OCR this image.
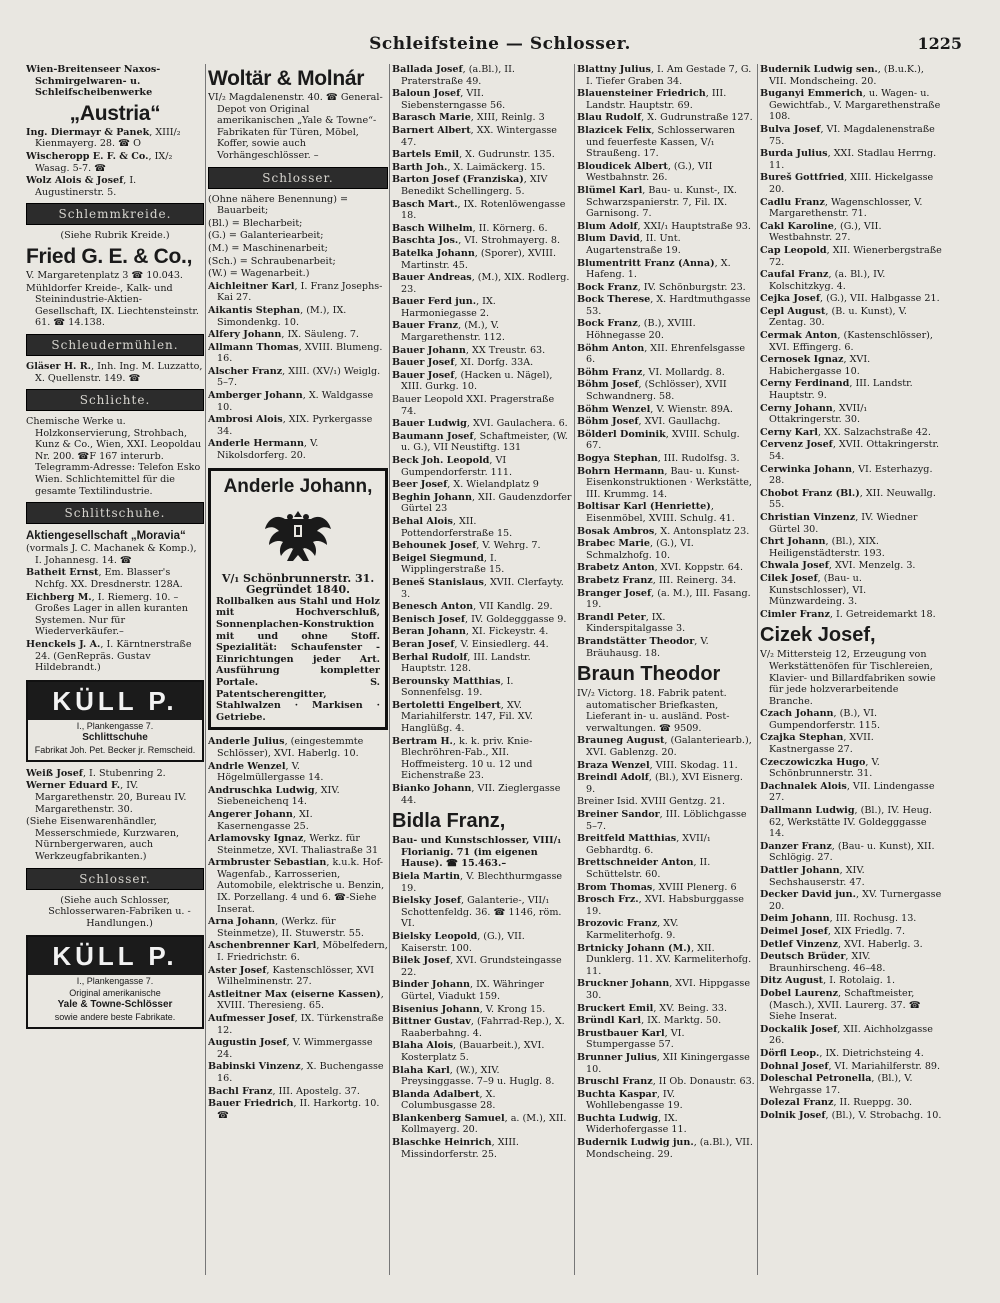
Schleifsteine — Schlosser.	1225
Wien-Breitenseer Naxos-Schmirgelwaren- u. Schleifscheibenwerke
„Austria“
Ing. Diermayr & Panek, XIII/₂ Kienmayerg. 28. ☎ O
Wischeropp E. F. & Co., IX/₂ Wasag. 5-7. ☎
Wolz Alois & Josef, I. Augustinerstr. 5.
Schlemmkreide.
(Siehe Rubrik Kreide.)
Fried G. E. & Co.,
V. Margaretenplatz 3 ☎ 10.043.
Mühldorfer Kreide-, Kalk- und Steinindustrie-Aktien-Gesellschaft, IX. Liechtensteinstr. 61. ☎ 14.138.
Schleudermühlen.
Gläser H. R., Inh. Ing. M. Luzzatto, X. Quellenstr. 149. ☎
Schlichte.
Chemische Werke u. Holzkonservierung, Strohbach, Kunz & Co., Wien, XXI. Leopoldau Nr. 200. ☎F 167 interurb. Telegramm-Adresse: Telefon Esko Wien. Schlichtemittel für die gesamte Textilindustrie.
Schlittschuhe.
Aktiengesellschaft „Moravia“
(vormals J. C. Machanek & Komp.), I. Johannesg. 14. ☎
Batheit Ernst, Em. Blasser's Nchfg. XX. Dresdnerstr. 128A.
Eichberg M., I. Riemerg. 10. –Großes Lager in allen kuranten Systemen. Nur für Wiederverkäufer.–
Henckels J. A., I. Kärntnerstraße 24. (GenRepräs. Gustav Hildebrandt.)
KÜLL P.
I., Plankengasse 7.
Schlittschuhe
Fabrikat Joh. Pet. Becker jr. Remscheid.
Weiß Josef, I. Stubenring 2.
Werner Eduard F., IV. Margarethenstr. 20, Bureau IV. Margarethenstr. 30.
(Siehe Eisenwarenhändler, Messerschmiede, Kurzwaren, Nürnbergerwaren, auch Werkzeugfabrikanten.)
Schlosser.
(Siehe auch Schlosser, Schlosserwaren-Fabriken u. -Handlungen.)
KÜLL P.
I., Plankengasse 7.
Original amerikanische
Yale & Towne-Schlösser
sowie andere beste Fabrikate.
Woltär & Molnár
VI/₂ Magdalenenstr. 40. ☎ General-Depot von Original amerikanischen „Yale & Towne“-Fabrikaten für Türen, Möbel, Koffer, sowie auch Vorhängeschlösser. –
Schlosser.
(Ohne nähere Benennung) = Bauarbeit;
(Bl.) = Blecharbeit;
(G.) = Galanteriearbeit;
(M.) = Maschinenarbeit;
(Sch.) = Schraubenarbeit;
(W.) = Wagenarbeit.)
Aichleitner Karl, I. Franz Josephs-Kai 27.
Aikantis Stephan, (M.), IX. Simondenkg. 10.
Alfery Johann, IX. Säuleng. 7.
Allmann Thomas, XVIII. Blumeng. 16.
Alscher Franz, XIII. (XV/₁) Weiglg. 5–7.
Amberger Johann, X. Waldgasse 10.
Ambrosi Alois, XIX. Pyrkergasse 34.
Anderle Hermann, V. Nikolsdorferg. 20.
Anderle Johann,
V/₁ Schönbrunnerstr. 31.
Gegründet 1840.
Rollbalken aus Stahl und Holz mit Hochverschluß, Sonnenplachen-Konstruktion mit und ohne Stoff. Spezialität: Schaufenster - Einrichtungen jeder Art. Ausführung kompletter Portale. S. Patentscherengitter, Stahlwalzen · Markisen · Getriebe.
Anderle Julius, (eingestemmte Schlösser), XVI. Haberlg. 10.
Andrle Wenzel, V. Högelmüllergasse 14.
Andruschka Ludwig, XIV. Siebeneichenq 14.
Angerer Johann, XI. Kasernengasse 25.
Arlamovsky Ignaz, Werkz. für Steinmetze, XVI. Thaliastraße 31
Armbruster Sebastian, k.u.k. Hof-Wagenfab., Karrosserien, Automobile, elektrische u. Benzin, IX. Porzellang. 4 und 6. ☎-Siehe Inserat.
Arna Johann, (Werkz. für Steinmetze), II. Stuwerstr. 55.
Aschenbrenner Karl, Möbelfedern, I. Friedrichstr. 6.
Aster Josef, Kastenschlösser, XVI Wilhelminenstr. 27.
Astleitner Max (eiserne Kassen), XVIII. Theresieng. 65.
Aufmesser Josef, IX. Türkenstraße 12.
Augustin Josef, V. Wimmergasse 24.
Babinski Vinzenz, X. Buchengasse 16.
Bachl Franz, III. Apostelg. 37.
Bauer Friedrich, II. Harkortg. 10. ☎
Ballada Josef, (a.Bl.), II. Praterstraße 49.
Baloun Josef, VII. Siebensterngasse 56.
Barasch Marie, XIII, Reinlg. 3
Barnert Albert, XX. Wintergasse 47.
Bartels Emil, X. Gudrunstr. 135.
Barth Joh., X. Laimäckerg. 15.
Barton Josef (Franziska), XIV Benedikt Schellingerg. 5.
Basch Mart., IX. Rotenlöwengasse 18.
Basch Wilhelm, II. Körnerg. 6.
Baschta Jos., VI. Strohmayerg. 8.
Batelka Johann, (Sporer), XVIII. Martinstr. 45.
Bauer Andreas, (M.), XIX. Rodlerg. 23.
Bauer Ferd jun., IX. Harmoniegasse 2.
Bauer Franz, (M.), V. Margarethenstr. 112.
Bauer Johann, XX Treustr. 63.
Bauer Josef, XI. Dorfg. 33A.
Bauer Josef, (Hacken u. Nägel), XIII. Gurkg. 10.
Bauer Leopold XXI. Pragerstraße 74.
Bauer Ludwig, XVI. Gaulachera. 6.
Baumann Josef, Schaftmeister, (W. u. G.), VII Neustiftg. 131
Beck Joh. Leopold, VI Gumpendorferstr. 111.
Beer Josef, X. Wielandplatz 9
Beghin Johann, XII. Gaudenzdorfer Gürtel 23
Behal Alois, XII. Pottendorferstraße 15.
Behounek Josef, V. Wehrg. 7.
Beigel Siegmund, I. Wipplingerstraße 15.
Beneš Stanislaus, XVII. Clerfayty. 3.
Benesch Anton, VII Kandlg. 29.
Benisch Josef, IV. Goldegggasse 9.
Beran Johann, XI. Fickeystr. 4.
Beran Josef, V. Einsiedlerg. 44.
Berhal Rudolf, III. Landstr. Hauptstr. 128.
Berounsky Matthias, I. Sonnenfelsg. 19.
Bertoletti Engelbert, XV. Mariahilferstr. 147, Fil. XV. Hanglüßg. 4.
Bertram H., k. k. priv. Knie-Blechröhren-Fab., XII. Hoffmeisterg. 10 u. 12 und Eichenstraße 23.
Bianko Johann, VII. Zieglergasse 44.
Bidla Franz,
Bau- und Kunstschlosser, VIII/₁ Florianig. 71 (im eigenen Hause). ☎ 15.463.–
Biela Martin, V. Blechthurmgasse 19.
Bielsky Josef, Galanterie-, VII/₁ Schottenfeldg. 36. ☎ 1146, röm. VI.
Bielsky Leopold, (G.), VII. Kaiserstr. 100.
Bilek Josef, XVI. Grundsteingasse 22.
Binder Johann, IX. Währinger Gürtel, Viadukt 159.
Bisenius Johann, V. Krong 15.
Bittner Gustav, (Fahrrad-Rep.), X. Raaberbahng. 4.
Blaha Alois, (Bauarbeit.), XVI. Kosterplatz 5.
Blaha Karl, (W.), XIV. Preysinggasse. 7–9 u. Huglg. 8.
Blanda Adalbert, X. Columbusgasse 28.
Blankenberg Samuel, a. (M.), XII. Kollmayerg. 20.
Blaschke Heinrich, XIII. Missindorferstr. 25.
Blattny Julius, I. Am Gestade 7, G. I. Tiefer Graben 34.
Blauensteiner Friedrich, III. Landstr. Hauptstr. 69.
Blau Rudolf, X. Gudrunstraße 127.
Blazicek Felix, Schlosserwaren und feuerfeste Kassen, V/₁ Straußeng. 17.
Bloudicek Albert, (G.), VII Westbahnstr. 26.
Blümel Karl, Bau- u. Kunst-, IX. Schwarzspanierstr. 7, Fil. IX. Garnisong. 7.
Blum Adolf, XXI/₁ Hauptstraße 93.
Blum David, II. Unt. Augartenstraße 19.
Blumentritt Franz (Anna), X. Hafeng. 1.
Bock Franz, IV. Schönburgstr. 23.
Bock Therese, X. Hardtmuthgasse 53.
Bock Franz, (B.), XVIII. Höhnegasse 20.
Böhm Anton, XII. Ehrenfelsgasse 6.
Böhm Franz, VI. Mollardg. 8.
Böhm Josef, (Schlösser), XVII Schwandnerg. 58.
Böhm Wenzel, V. Wienstr. 89A.
Böhm Josef, XVI. Gaullachg.
Bölderl Dominik, XVIII. Schulg. 67.
Bogya Stephan, III. Rudolfsg. 3.
Bohrn Hermann, Bau- u. Kunst-Eisenkonstruktionen · Werkstätte, III. Krummg. 14.
Boltisar Karl (Henriette), Eisenmöbel, XVIII. Schulg. 41.
Bosak Ambros, X. Antonsplatz 23.
Brabec Marie, (G.), VI. Schmalzhofg. 10.
Brabetz Anton, XVI. Koppstr. 64.
Brabetz Franz, III. Reinerg. 34.
Branger Josef, (a. M.), III. Fasang. 19.
Brandl Peter, IX. Kinderspitalgasse 3.
Brandstätter Theodor, V. Bräuhausg. 18.
Braun Theodor
IV/₂ Victorg. 18. Fabrik patent. automatischer Briefkasten, Lieferant in- u. ausländ. Post-verwaltungen. ☎ 9509.
Brauneg August, (Galanteriearb.), XVI. Gablenzg. 20.
Braza Wenzel, VIII. Skodag. 11.
Breindl Adolf, (Bl.), XVI Eisnerg. 9.
Breiner Isid. XVIII Gentzg. 21.
Breiner Sandor, III. Löblichgasse 5–7.
Breitfeld Matthias, XVII/₁ Gebhardtg. 6.
Brettschneider Anton, II. Schüttelstr. 60.
Brom Thomas, XVIII Plenerg. 6
Brosch Frz., XVI. Habsburggasse 19.
Brozovic Franz, XV. Karmeliterhofg. 9.
Brtnicky Johann (M.), XII. Dunklerg. 11. XV. Karmeliterhofg. 11.
Bruckner Johann, XVI. Hippgasse 30.
Bruckert Emil, XV. Being. 33.
Bründl Karl, IX. Marktg. 50.
Brustbauer Karl, VI. Stumpergasse 57.
Brunner Julius, XII Kiningergasse 10.
Bruschl Franz, II Ob. Donaustr. 63.
Buchta Kaspar, IV. Wohllebengasse 19.
Buchta Ludwig, IX. Widerhofergasse 11.
Budernik Ludwig jun., (a.Bl.), VII. Mondscheing. 29.
Budernik Ludwig sen., (B.u.K.), VII. Mondscheing. 20.
Buganyi Emmerich, u. Wagen- u. Gewichtfab., V. Margarethenstraße 108.
Bulva Josef, VI. Magdalenenstraße 75.
Burda Julius, XXI. Stadlau Herrng. 11.
Bureš Gottfried, XIII. Hickelgasse 20.
Cadlu Franz, Wagenschlosser, V. Margarethenstr. 71.
Cakl Karoline, (G.), VII. Westbahnstr. 27.
Cap Leopold, XII. Wienerbergstraße 72.
Caufal Franz, (a. Bl.), IV. Kolschitzkyg. 4.
Cejka Josef, (G.), VII. Halbgasse 21.
Cepl August, (B. u. Kunst), V. Zentag. 30.
Cermak Anton, (Kastenschlösser), XVI. Effingerg. 6.
Cernosek Ignaz, XVI. Habichergasse 10.
Cerny Ferdinand, III. Landstr. Hauptstr. 9.
Cerny Johann, XVII/₁ Ottakringerstr. 30.
Cerny Karl, XX. Salzachstraße 42.
Cervenz Josef, XVII. Ottakringerstr. 54.
Cerwinka Johann, VI. Esterhazyg. 28.
Chobot Franz (Bl.), XII. Neuwallg. 55.
Christian Vinzenz, IV. Wiedner Gürtel 30.
Chrt Johann, (Bl.), XIX. Heiligenstädterstr. 193.
Chwala Josef, XVI. Menzelg. 3.
Cilek Josef, (Bau- u. Kunstschlosser), VI. Münzwardeing. 3.
Cimler Franz, I. Getreidemarkt 18.
Cizek Josef,
V/₂ Mittersteig 12, Erzeugung von Werkstättenöfen für Tischlereien, Klavier- und Billardfabriken sowie für jede holzverarbeitende Branche.
Czach Johann, (B.), VI. Gumpendorferstr. 115.
Czajka Stephan, XVII. Kastnergasse 27.
Czeczowiczka Hugo, V. Schönbrunnerstr. 31.
Dachnalek Alois, VII. Lindengasse 27.
Dallmann Ludwig, (Bl.), IV. Heug. 62, Werkstätte IV. Goldegggasse 14.
Danzer Franz, (Bau- u. Kunst), XII. Schlögig. 27.
Dattler Johann, XIV. Sechshauserstr. 47.
Decker David jun., XV. Turnergasse 20.
Deim Johann, III. Rochusg. 13.
Deimel Josef, XIX Friedlg. 7.
Detlef Vinzenz, XVI. Haberlg. 3.
Deutsch Brüder, XIV. Braunhirscheng. 46–48.
Ditz August, I. Rotolaig. 1.
Dobel Laurenz, Schaftmeister, (Masch.), XVII. Laurerg. 37. ☎ Siehe Inserat.
Dockalik Josef, XII. Aichholzgasse 26.
Dörfl Leop., IX. Dietrichsteing 4.
Dohnal Josef, VI. Mariahilferstr. 89.
Doleschal Petronella, (Bl.), V. Wehrgasse 17.
Dolezal Franz, II. Rueppg. 30.
Dolnik Josef, (Bl.), V. Strobachg. 10.
